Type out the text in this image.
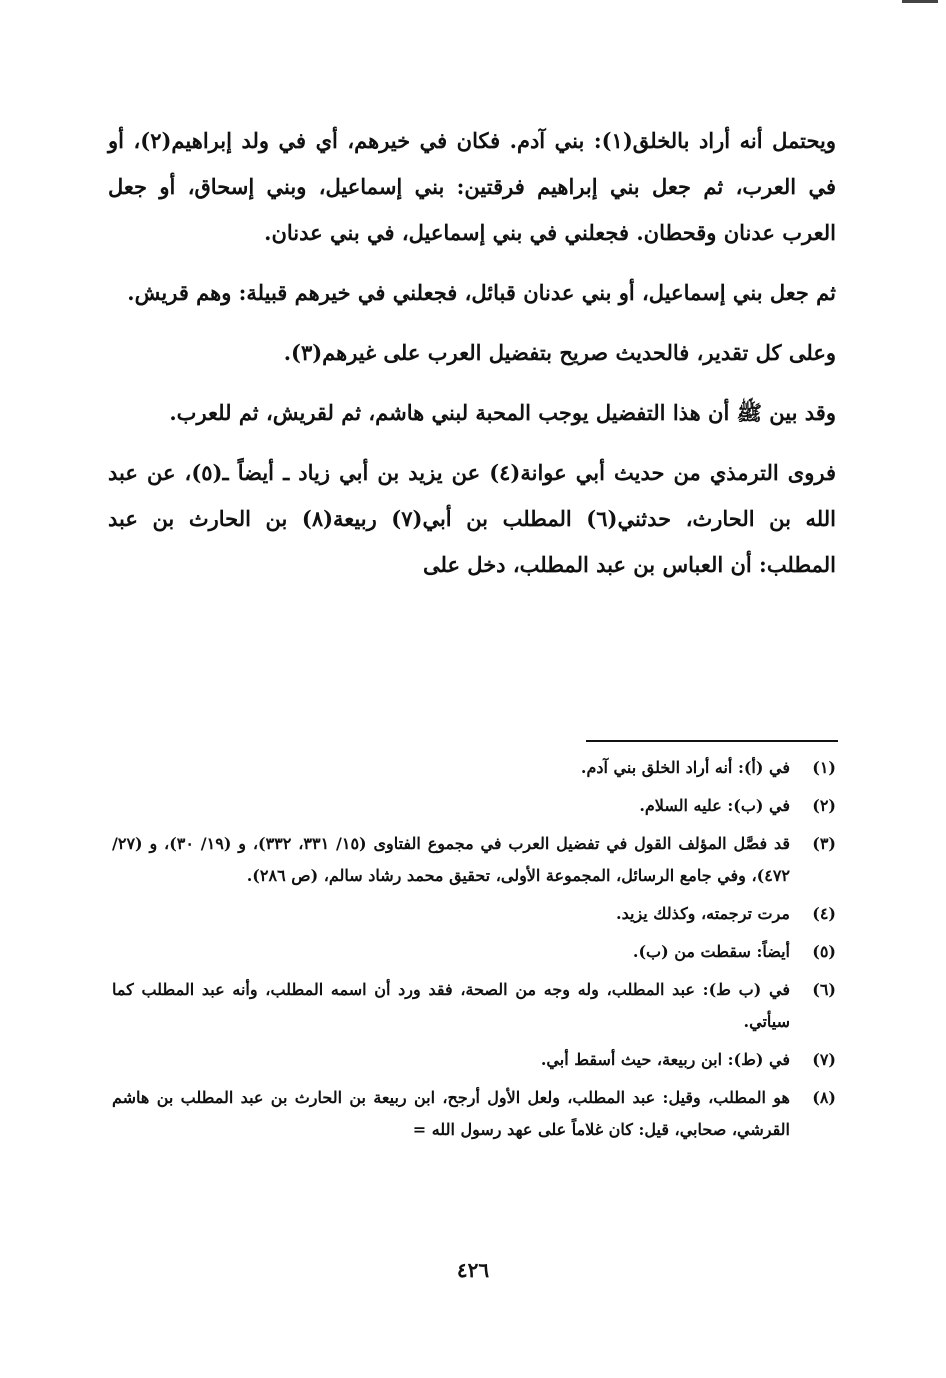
ويحتمل أنه أراد بالخلق(١): بني آدم. فكان في خيرهم، أي في ولد إبراهيم(٢)، أو في العرب، ثم جعل بني إبراهيم فرقتين: بني إسماعيل، وبني إسحاق، أو جعل العرب عدنان وقحطان. فجعلني في بني إسماعيل، في بني عدنان.

ثم جعل بني إسماعيل، أو بني عدنان قبائل، فجعلني في خيرهم قبيلة: وهم قريش.

وعلى كل تقدير، فالحديث صريح بتفضيل العرب على غيرهم(٣).

وقد بين ﷺ أن هذا التفضيل يوجب المحبة لبني هاشم، ثم لقريش، ثم للعرب.

فروى الترمذي من حديث أبي عوانة(٤) عن يزيد بن أبي زياد ـ أيضاً ـ(٥)، عن عبد الله بن الحارث، حدثني(٦) المطلب بن أبي(٧) ربيعة(٨) بن الحارث بن عبد المطلب: أن العباس بن عبد المطلب، دخل على

(١)
في (أ): أنه أراد الخلق بني آدم.
(٢)
في (ب): عليه السلام.
(٣)
قد فصَّل المؤلف القول في تفضيل العرب في مجموع الفتاوى (١٥/ ٣٣١، ٣٣٢)، و (١٩/ ٣٠)، و (٢٧/ ٤٧٢)، وفي جامع الرسائل، المجموعة الأولى، تحقيق محمد رشاد سالم، (ص ٢٨٦).
(٤)
مرت ترجمته، وكذلك يزيد.
(٥)
أيضاً: سقطت من (ب).
(٦)
في (ب ط): عبد المطلب، وله وجه من الصحة، فقد ورد أن اسمه المطلب، وأنه عبد المطلب كما سيأتي.
(٧)
في (ط): ابن ربيعة، حيث أسقط أبي.
(٨)
هو المطلب، وقيل: عبد المطلب، ولعل الأول أرجح، ابن ربيعة بن الحارث بن عبد المطلب بن هاشم القرشي، صحابي، قيل: كان غلاماً على عهد رسول الله =
٤٢٦
